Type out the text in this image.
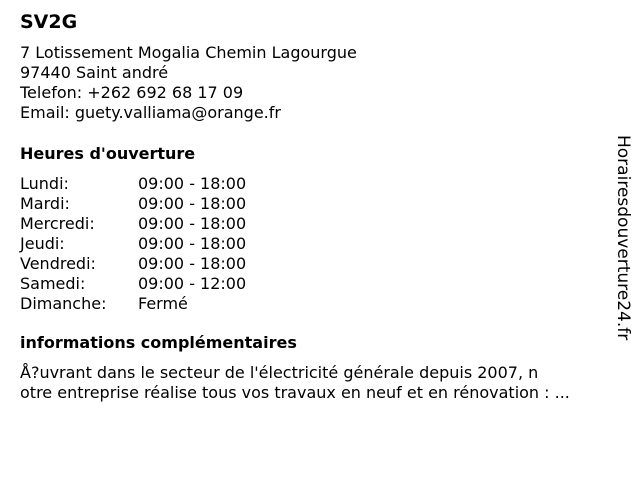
SV2G
7 Lotissement Mogalia Chemin Lagourgue
97440 Saint andré
Telefon: +262 692 68 17 09
Email: guety.valliama@orange.fr
Heures d'ouverture
Lundi:	09:00 - 18:00
Mardi:	09:00 - 18:00
Mercredi:	09:00 - 18:00
Jeudi:	09:00 - 18:00
Vendredi:	09:00 - 18:00
Samedi:	09:00 - 12:00
Dimanche:	Fermé
informations complémentaires
Å?uvrant dans le secteur de l'électricité générale depuis 2007, n
otre entreprise réalise tous vos travaux en neuf et en rénovation : ...
Horairesdouverture24.fr
